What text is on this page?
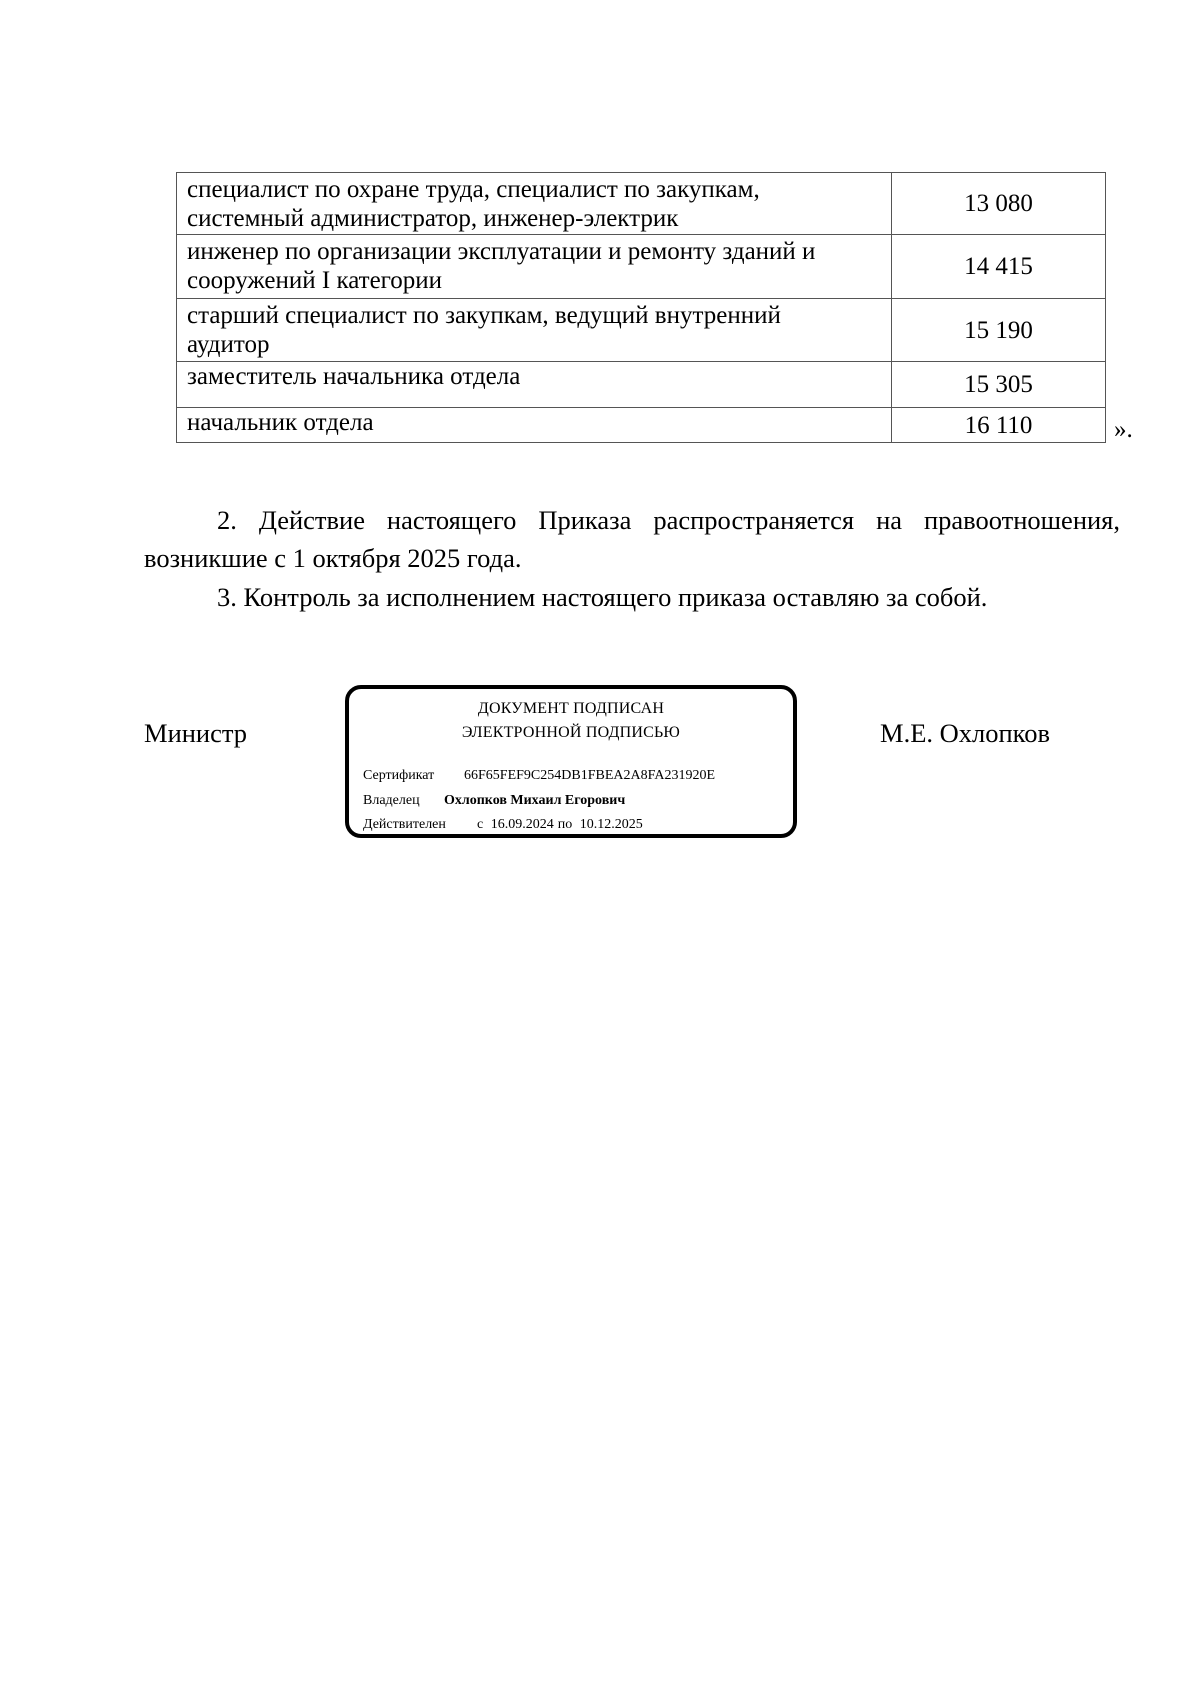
специалист по охране труда, специалист по закупкам,
системный администратор, инженер-электрик	13 080

инженер по организации эксплуатации и ремонту зданий и
сооружений I категории	14 415

старший специалист по закупкам, ведущий внутренний
аудитор	15 190

заместитель начальника отдела	15 305

начальник отдела	16 110	».

2. Действие настоящего Приказа распространяется на правоотношения, возникшие с 1 октября 2025 года.

3. Контроль за исполнением настоящего приказа оставляю за собой.

Министр
ДОКУМЕНТ ПОДПИСАН
ЭЛЕКТРОННОЙ ПОДПИСЬЮ
Сертификат 66F65FEF9C254DB1FBEA2A8FA231920E
Владелец Охлопков Михаил Егорович
Действителен с 16.09.2024 по 10.12.2025
М.Е. Охлопков
